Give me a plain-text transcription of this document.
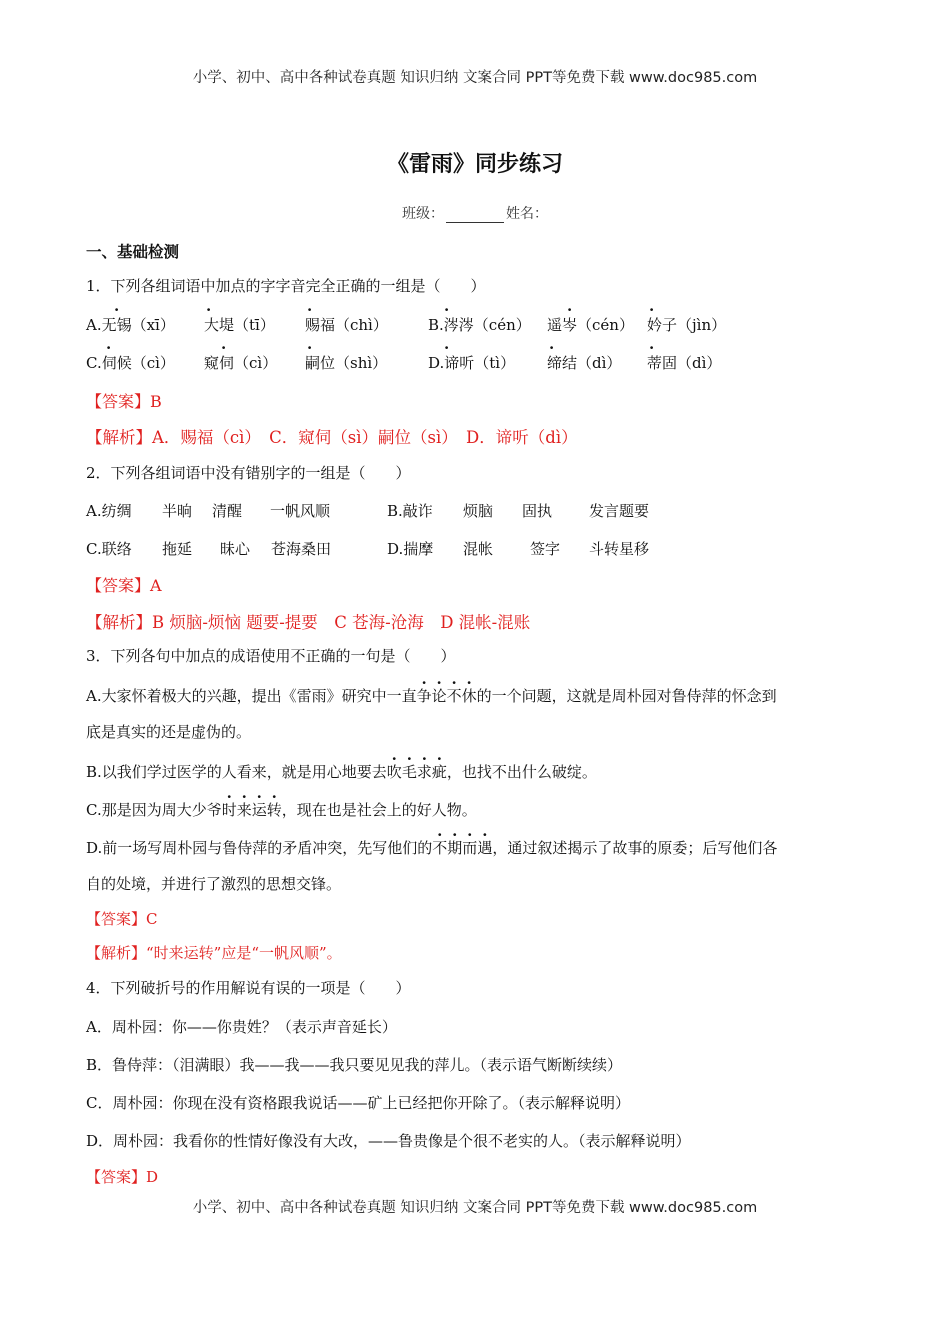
小学、初中、高中各种试卷真题 知识归纳 文案合同 PPT等免费下载 www.doc985.com
《雷雨》同步练习
班级：	姓名：
一、基础检测
1．下列各组词语中加点的字字音完全正确的一组是（　　）
A.无锡（xī） 大堤（tī） 赐福（chì）	B.涔涔（cén） 遥岑（cén） 妗子（jìn）
·	·	·	·	·	·
C.伺候（cì） 窥伺（cì） 嗣位（shì）	D.谛听（tì） 缔结（dì） 蒂固（dì）
·	·	·	·	·	·
【答案】B
【解析】A．赐福（cì）　C．窥伺（sì）嗣位（sì）　D．谛听（dì）
2．下列各组词语中没有错别字的一组是（　　）
A.纺绸 半晌 清醒 一帆风顺	B.敲诈 烦脑 固执 发言题要
C.联络 拖延 昧心 苍海桑田	D.揣摩 混帐 签字 斗转星移
【答案】A
【解析】B 烦脑-烦恼 题要-提要　C 苍海-沧海　D 混帐-混账
3．下列各句中加点的成语使用不正确的一句是（　　）
A.大家怀着极大的兴趣，提出《雷雨》研究中一直争论不休的一个问题，这就是周朴园对鲁侍萍的怀念到
底是真实的还是虚伪的。
B.以我们学过医学的人看来，就是用心地要去吹毛求疵，也找不出什么破绽。
C.那是因为周大少爷时来运转，现在也是社会上的好人物。
D.前一场写周朴园与鲁侍萍的矛盾冲突，先写他们的不期而遇，通过叙述揭示了故事的原委；后写他们各
自的处境，并进行了激烈的思想交锋。
【答案】C
【解析】“时来运转”应是“一帆风顺”。
4．下列破折号的作用解说有误的一项是（　　）
A．周朴园：你——你贵姓？（表示声音延长）
B．鲁侍萍：（泪满眼）我——我——我只要见见我的萍儿。（表示语气断断续续）
C．周朴园：你现在没有资格跟我说话——矿上已经把你开除了。（表示解释说明）
D．周朴园：我看你的性情好像没有大改，——鲁贵像是个很不老实的人。（表示解释说明）
【答案】D
小学、初中、高中各种试卷真题 知识归纳 文案合同 PPT等免费下载 www.doc985.com
